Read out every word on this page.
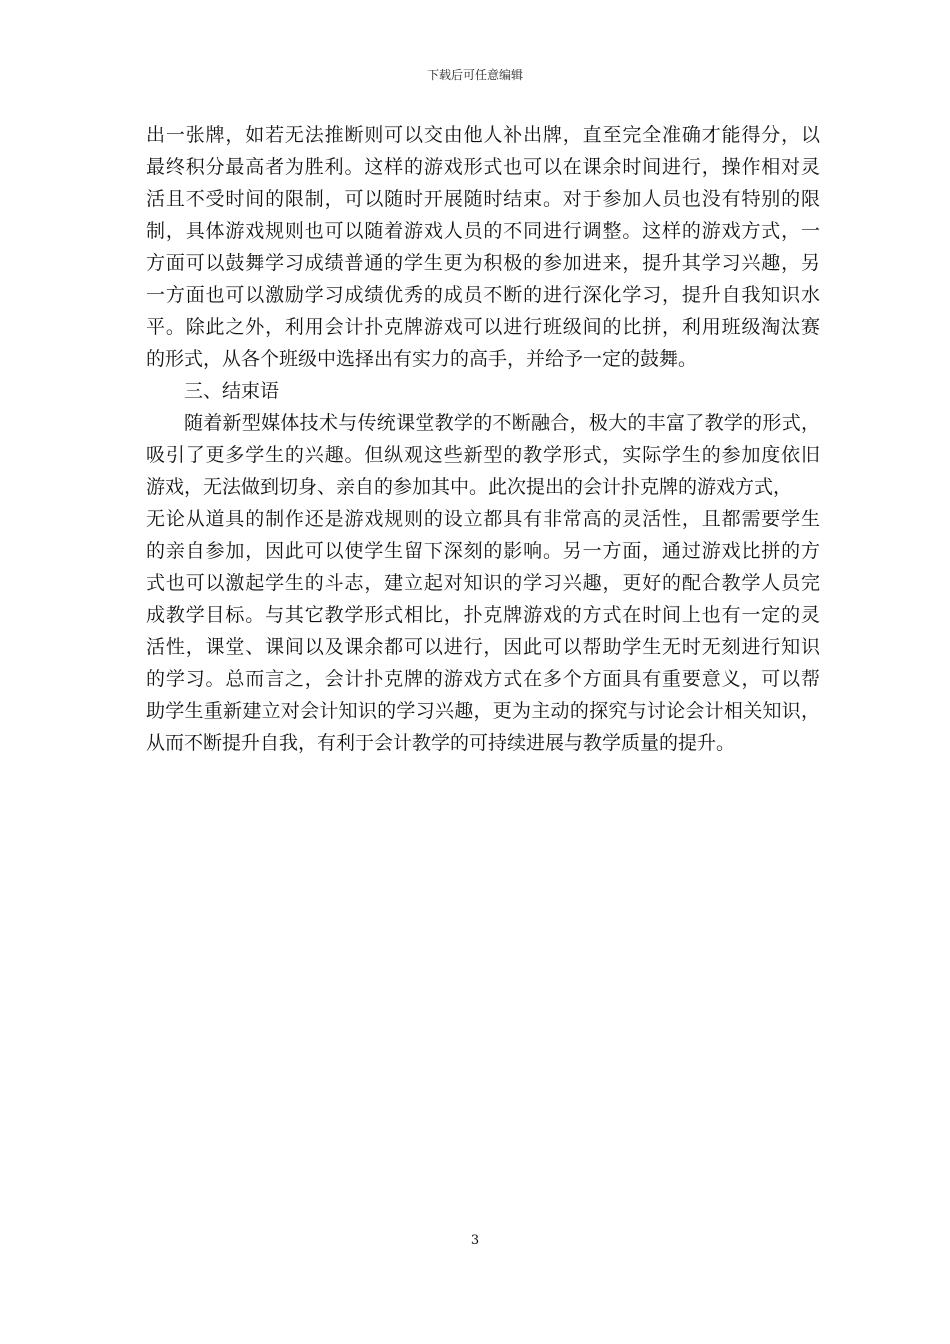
下载后可任意编辑
出一张牌，如若无法推断则可以交由他人补出牌，直至完全准确才能得分，以
最终积分最高者为胜利。这样的游戏形式也可以在课余时间进行，操作相对灵
活且不受时间的限制，可以随时开展随时结束。对于参加人员也没有特别的限
制，具体游戏规则也可以随着游戏人员的不同进行调整。这样的游戏方式，一
方面可以鼓舞学习成绩普通的学生更为积极的参加进来，提升其学习兴趣，另
一方面也可以激励学习成绩优秀的成员不断的进行深化学习，提升自我知识水
平。除此之外，利用会计扑克牌游戏可以进行班级间的比拼，利用班级淘汰赛
的形式，从各个班级中选择出有实力的高手，并给予一定的鼓舞。
三、结束语
随着新型媒体技术与传统课堂教学的不断融合，极大的丰富了教学的形式，
吸引了更多学生的兴趣。但纵观这些新型的教学形式，实际学生的参加度依旧
游戏，无法做到切身、亲自的参加其中。此次提出的会计扑克牌的游戏方式，
无论从道具的制作还是游戏规则的设立都具有非常高的灵活性，且都需要学生
的亲自参加，因此可以使学生留下深刻的影响。另一方面，通过游戏比拼的方
式也可以激起学生的斗志，建立起对知识的学习兴趣，更好的配合教学人员完
成教学目标。与其它教学形式相比，扑克牌游戏的方式在时间上也有一定的灵
活性，课堂、课间以及课余都可以进行，因此可以帮助学生无时无刻进行知识
的学习。总而言之，会计扑克牌的游戏方式在多个方面具有重要意义，可以帮
助学生重新建立对会计知识的学习兴趣，更为主动的探究与讨论会计相关知识，
从而不断提升自我，有利于会计教学的可持续进展与教学质量的提升。
3
